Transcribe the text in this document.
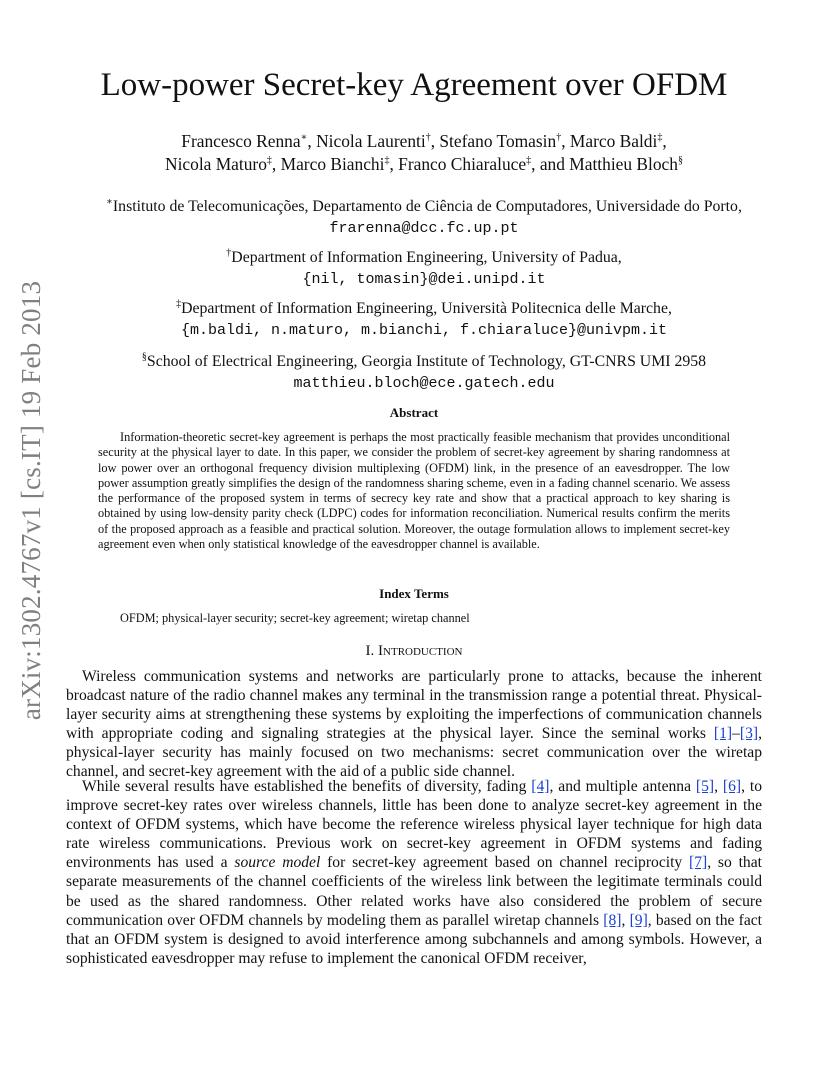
arXiv:1302.4767v1 [cs.IT] 19 Feb 2013
Low-power Secret-key Agreement over OFDM
Francesco Renna∗, Nicola Laurenti†, Stefano Tomasin†, Marco Baldi‡,
Nicola Maturo‡, Marco Bianchi‡, Franco Chiaraluce‡, and Matthieu Bloch§
∗Instituto de Telecomunicações, Departamento de Ciência de Computadores, Universidade do Porto,
frarenna@dcc.fc.up.pt
†Department of Information Engineering, University of Padua,
{nil, tomasin}@dei.unipd.it
‡Department of Information Engineering, Università Politecnica delle Marche,
{m.baldi, n.maturo, m.bianchi, f.chiaraluce}@univpm.it
§School of Electrical Engineering, Georgia Institute of Technology, GT-CNRS UMI 2958
matthieu.bloch@ece.gatech.edu
Abstract

Information-theoretic secret-key agreement is perhaps the most practically feasible mechanism that provides unconditional security at the physical layer to date. In this paper, we consider the problem of secret-key agreement by sharing randomness at low power over an orthogonal frequency division multiplexing (OFDM) link, in the presence of an eavesdropper. The low power assumption greatly simplifies the design of the randomness sharing scheme, even in a fading channel scenario. We assess the performance of the proposed system in terms of secrecy key rate and show that a practical approach to key sharing is obtained by using low-density parity check (LDPC) codes for information reconciliation. Numerical results confirm the merits of the proposed approach as a feasible and practical solution. Moreover, the outage formulation allows to implement secret-key agreement even when only statistical knowledge of the eavesdropper channel is available.

Index Terms
OFDM; physical-layer security; secret-key agreement; wiretap channel
I. Introduction

Wireless communication systems and networks are particularly prone to attacks, because the inherent broadcast nature of the radio channel makes any terminal in the transmission range a potential threat. Physical-layer security aims at strengthening these systems by exploiting the imperfections of communication channels with appropriate coding and signaling strategies at the physical layer. Since the seminal works [1]–[3], physical-layer security has mainly focused on two mechanisms: secret communication over the wiretap channel, and secret-key agreement with the aid of a public side channel.

While several results have established the benefits of diversity, fading [4], and multiple antenna [5], [6], to improve secret-key rates over wireless channels, little has been done to analyze secret-key agreement in the context of OFDM systems, which have become the reference wireless physical layer technique for high data rate wireless communications. Previous work on secret-key agreement in OFDM systems and fading environments has used a source model for secret-key agreement based on channel reciprocity [7], so that separate measurements of the channel coefficients of the wireless link between the legitimate terminals could be used as the shared randomness. Other related works have also considered the problem of secure communication over OFDM channels by modeling them as parallel wiretap channels [8], [9], based on the fact that an OFDM system is designed to avoid interference among subchannels and among symbols. However, a sophisticated eavesdropper may refuse to implement the canonical OFDM receiver,
